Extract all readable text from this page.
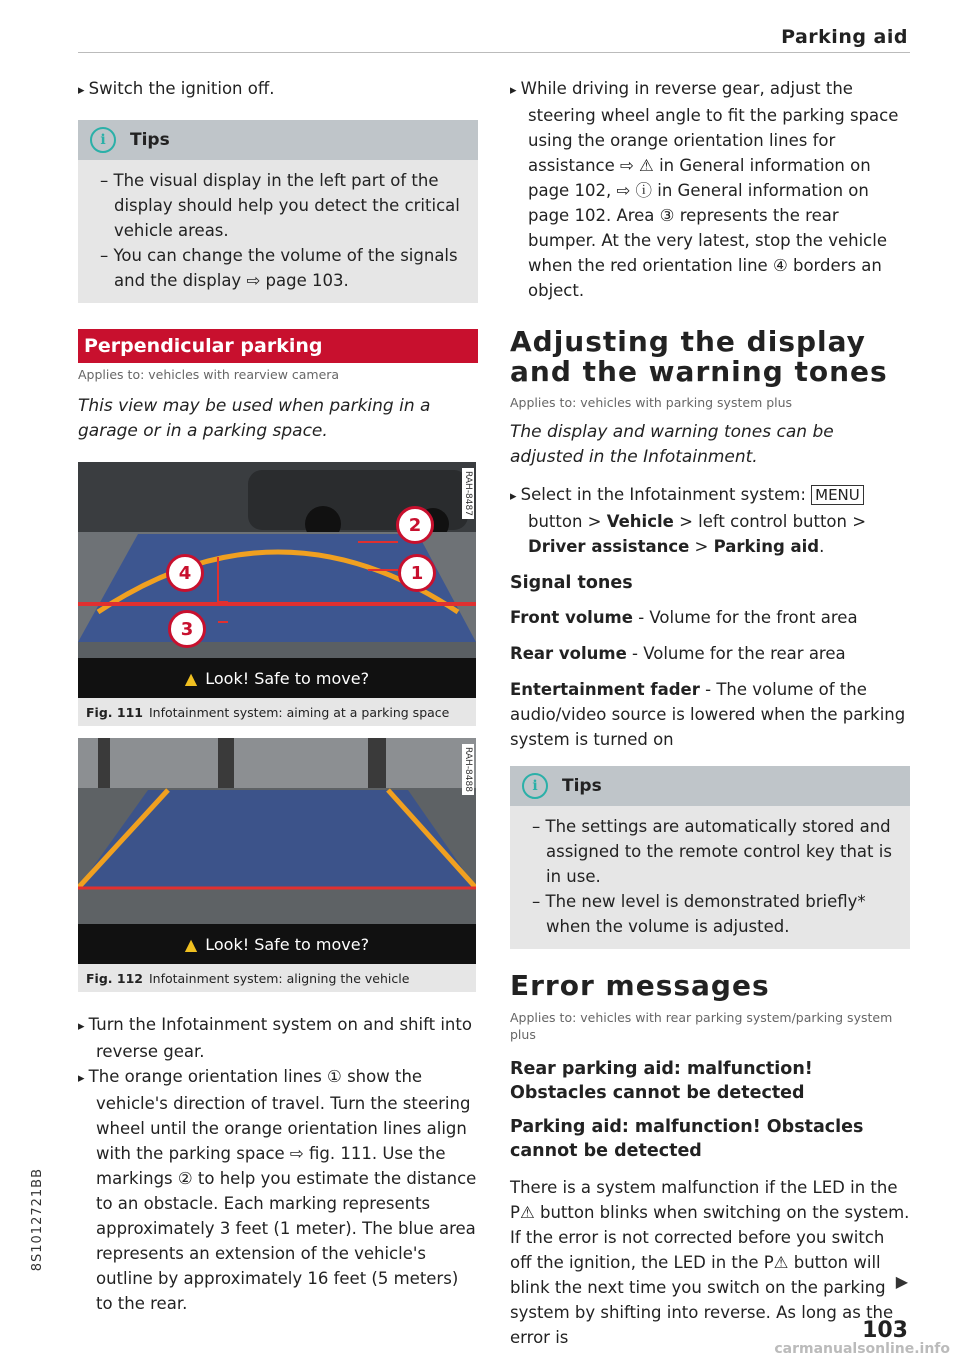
Parking aid

▸ Switch the ignition off.

i	Tips

– The visual display in the left part of the display should help you detect the critical vehicle areas.

– You can change the volume of the signals and the display ⇨ page 103.

Perpendicular parking
Applies to: vehicles with rearview camera
This view may be used when parking in a garage or in a parking space.
2
1
4
3
RAH-8487
▲ Look! Safe to move?
Fig. 111 Infotainment system: aiming at a parking space
RAH-8488
▲ Look! Safe to move?
Fig. 112 Infotainment system: aligning the vehicle

▸ Turn the Infotainment system on and shift into reverse gear.

▸ The orange orientation lines ① show the vehicle's direction of travel. Turn the steering wheel until the orange orientation lines align with the parking space ⇨ fig. 111. Use the markings ② to help you estimate the distance to an obstacle. Each marking represents approximately 3 feet (1 meter). The blue area represents an extension of the vehicle's outline by approximately 16 feet (5 meters) to the rear.

▸ While driving in reverse gear, adjust the steering wheel angle to fit the parking space using the orange orientation lines for assistance ⇨ ⚠ in General information on page 102, ⇨ ⓘ in General information on page 102. Area ③ represents the rear bumper. At the very latest, stop the vehicle when the red orientation line ④ borders an object.

Adjusting the display and the warning tones
Applies to: vehicles with parking system plus
The display and warning tones can be adjusted in the Infotainment.

▸ Select in the Infotainment system: MENU button > Vehicle > left control button > Driver assistance > Parking aid.

Signal tones

Front volume - Volume for the front area

Rear volume - Volume for the rear area

Entertainment fader - The volume of the audio/video source is lowered when the parking system is turned on

i	Tips

– The settings are automatically stored and assigned to the remote control key that is in use.

– The new level is demonstrated briefly* when the volume is adjusted.

Error messages
Applies to: vehicles with rear parking system/parking system plus
Rear parking aid: malfunction! Obstacles cannot be detected
Parking aid: malfunction! Obstacles cannot be detected

There is a system malfunction if the LED in the P⚠ button blinks when switching on the system. If the error is not corrected before you switch off the ignition, the LED in the P⚠ button will blink the next time you switch on the parking system by shifting into reverse. As long as the error is

▶
8S1012721BB
103
carmanualsonline.info
